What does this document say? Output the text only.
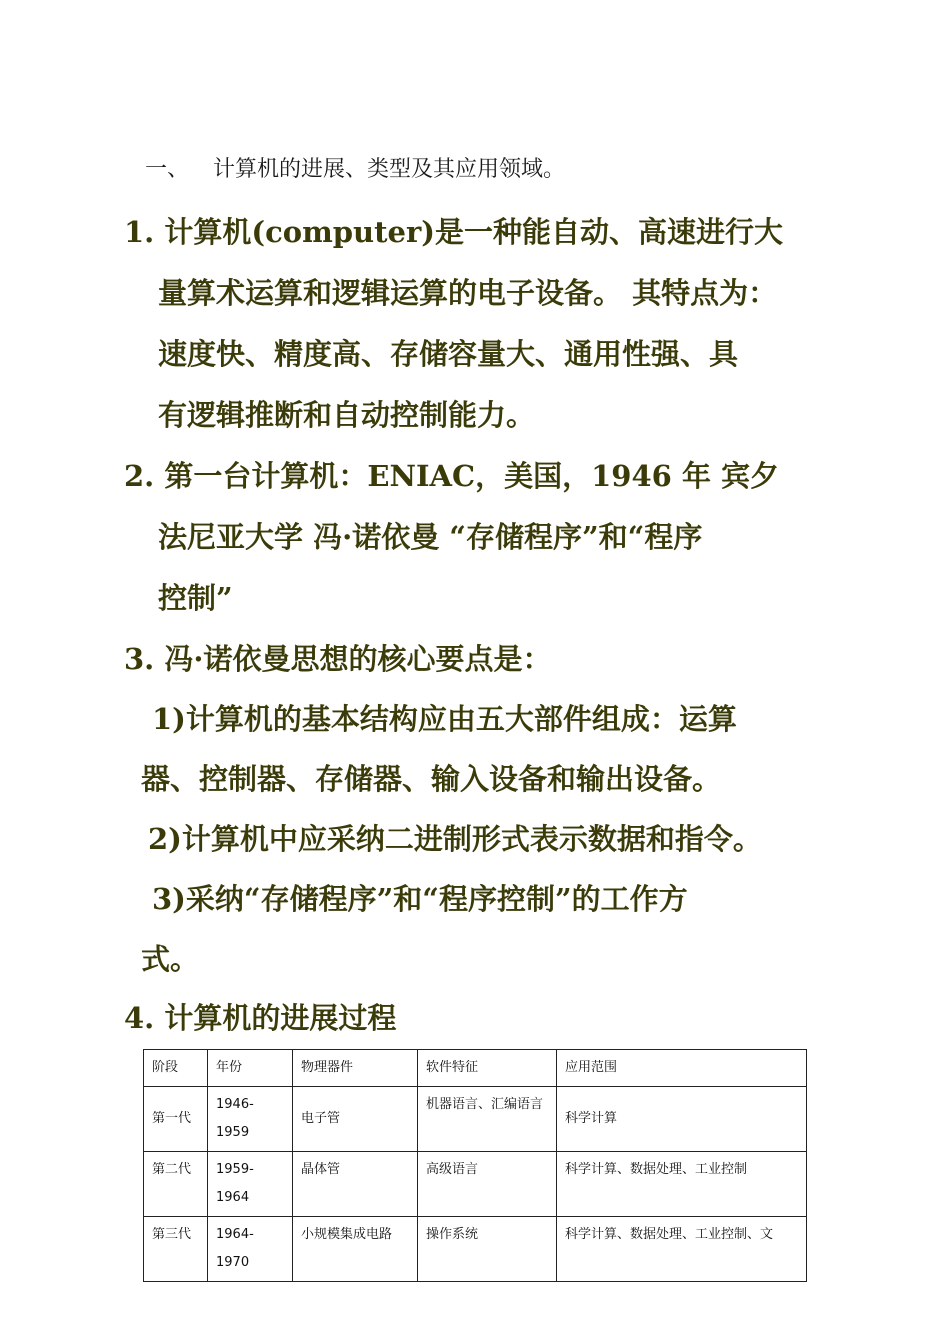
一、 计算机的进展、类型及其应用领域。
1. 计算机(computer)是一种能自动、高速进行大
量算术运算和逻辑运算的电子设备。 其特点为：
速度快、精度高、存储容量大、通用性强、具
有逻辑推断和自动控制能力。
2. 第一台计算机：ENIAC，美国，1946 年 宾夕
法尼亚大学 冯·诺依曼 “存储程序”和“程序
控制”
3. 冯·诺依曼思想的核心要点是：
1)计算机的基本结构应由五大部件组成：运算
器、控制器、存储器、输入设备和输出设备。
2)计算机中应采纳二进制形式表示数据和指令。
3)采纳“存储程序”和“程序控制”的工作方
式。
4. 计算机的进展过程
阶段	年份	物理器件	软件特征	应用范围
第一代	1946-1959	电子管	机器语言、汇编语言	科学计算
第二代	1959-1964	晶体管	高级语言	科学计算、数据处理、工业控制
第三代	1964-1970	小规模集成电路	操作系统	科学计算、数据处理、工业控制、文
